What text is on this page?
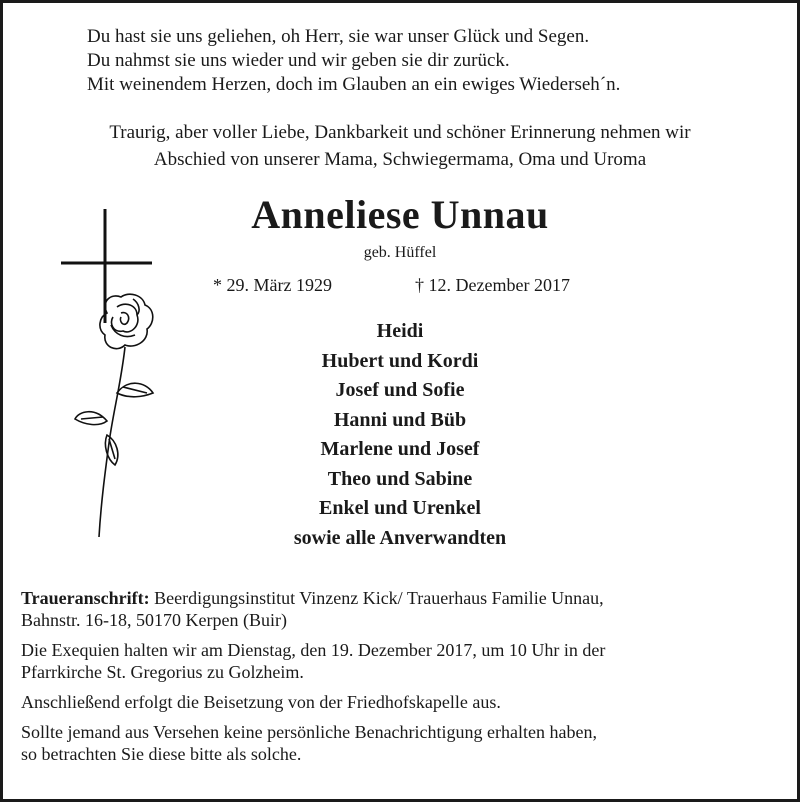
Du hast sie uns geliehen, oh Herr, sie war unser Glück und Segen.
Du nahmst sie uns wieder und wir geben sie dir zurück.
Mit weinendem Herzen, doch im Glauben an ein ewiges Wiederseh´n.
Traurig, aber voller Liebe, Dankbarkeit und schöner Erinnerung nehmen wir
Abschied von unserer Mama, Schwiegermama, Oma und Uroma
Anneliese Unnau
geb. Hüffel
* 29. März 1929	† 12. Dezember 2017
Heidi
Hubert und Kordi
Josef und Sofie
Hanni und Büb
Marlene und Josef
Theo und Sabine
Enkel und Urenkel
sowie alle Anverwandten

Traueranschrift: Beerdigungsinstitut Vinzenz Kick/ Trauerhaus Familie Unnau,
Bahnstr. 16-18, 50170 Kerpen (Buir)

Die Exequien halten wir am Dienstag, den 19. Dezember 2017, um 10 Uhr in der
Pfarrkirche St. Gregorius zu Golzheim.

Anschließend erfolgt die Beisetzung von der Friedhofskapelle aus.

Sollte jemand aus Versehen keine persönliche Benachrichtigung erhalten haben,
so betrachten Sie diese bitte als solche.
